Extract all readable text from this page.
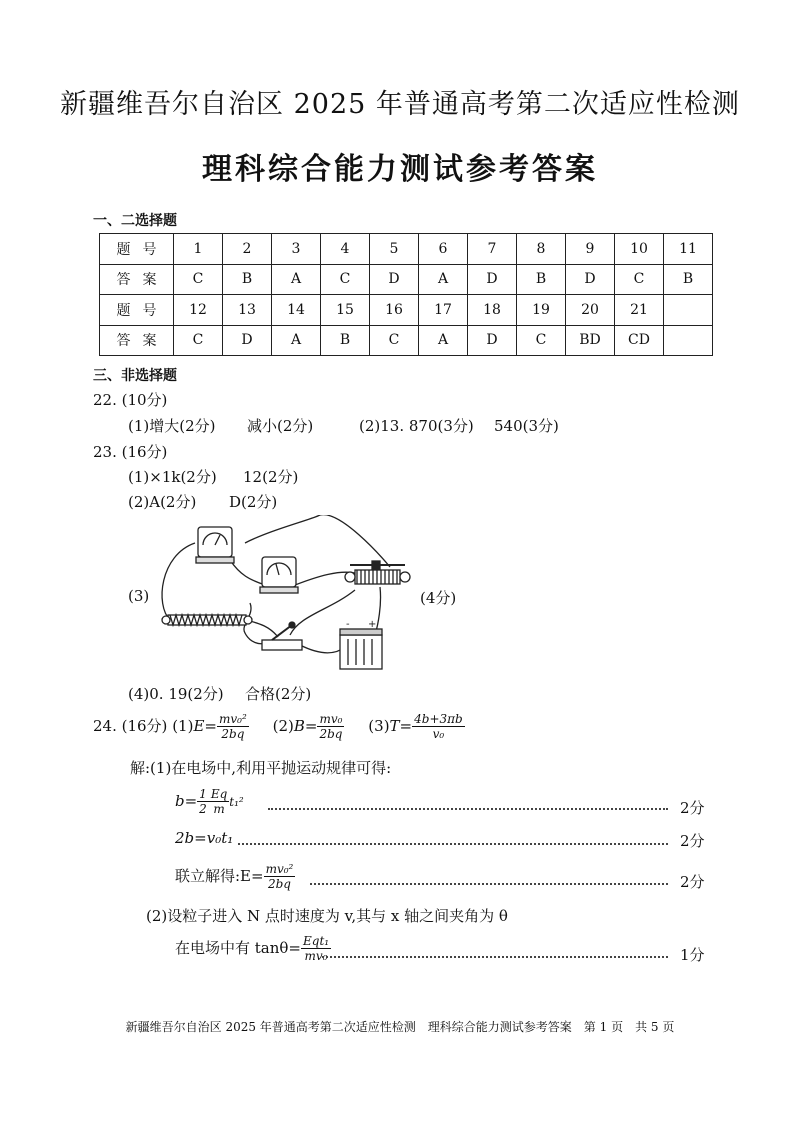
新疆维吾尔自治区 2025 年普通高考第二次适应性检测
理科综合能力测试参考答案
一、二选择题
题号	1	2	3	4	5	6	7	8	9	10	11
答案	C	B	A	C	D	A	D	B	D	C	B
题号	12	13	14	15	16	17	18	19	20	21	
答案	C	D	A	B	C	A	D	C	BD	CD	
三、非选择题
22. (10分)
(1)增大(2分) 减小(2分)	(2)13. 870(3分) 540(3分)
23. (16分)
(1)×1k(2分) 12(2分)
(2)A(2分) D(2分)
(3)	(4分)
+
-
(4)0. 19(2分) 合格(2分)
24. (16分) $(1)E= \frac{\text{mv₀²}}{2bq} (2)B= \frac{\text{mv₀}}{2bq} (3)T= \frac{4b+3\pi b}{\text{v₀}}$
解:(1)在电场中,利用平抛运动规律可得:
$b= \frac{1}{2} \frac{Eq}{m} t_1^2$	2分
2b=v₀t₁	2分
联立解得:E= $\frac{\text{mv₀²}}{2bq}$	2分
(2)设粒子进入 N 点时速度为 v,其与 x 轴之间夹角为 θ
在电场中有 $\tan\theta= \frac{\text{Eqt₁}}{\text{mv₀}}$	1分
新疆维吾尔自治区 2025 年普通高考第二次适应性检测　理科综合能力测试参考答案　第 1 页　共 5 页
